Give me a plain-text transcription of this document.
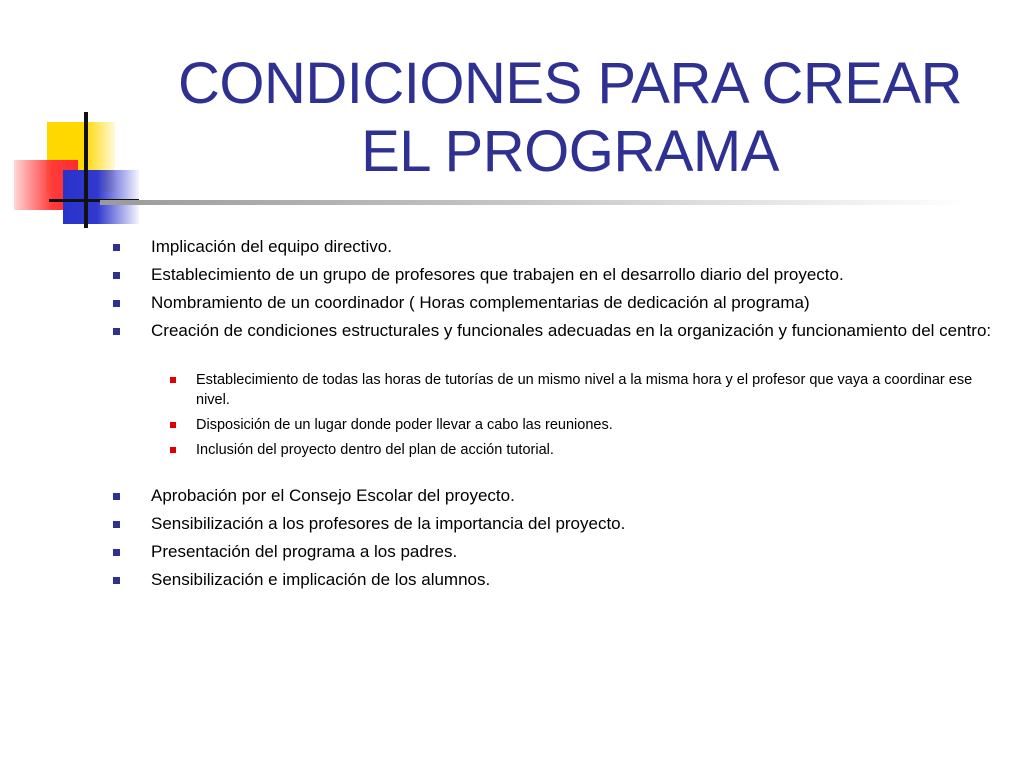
CONDICIONES PARA CREAR
EL PROGRAMA
Implicación del equipo directivo.
Establecimiento de un grupo de profesores que trabajen en el desarrollo diario del proyecto.
Nombramiento de un coordinador ( Horas complementarias de dedicación al programa)
Creación de condiciones estructurales y funcionales adecuadas en la organización y funcionamiento del centro:
Establecimiento de todas las horas de tutorías de un mismo nivel a la misma hora y el profesor que vaya a coordinar ese nivel.
Disposición de un lugar donde poder llevar a cabo las reuniones.
Inclusión del proyecto dentro del plan de acción tutorial.
Aprobación por el Consejo Escolar del proyecto.
Sensibilización a los profesores de la importancia del proyecto.
Presentación del programa a los padres.
Sensibilización e implicación de los alumnos.
